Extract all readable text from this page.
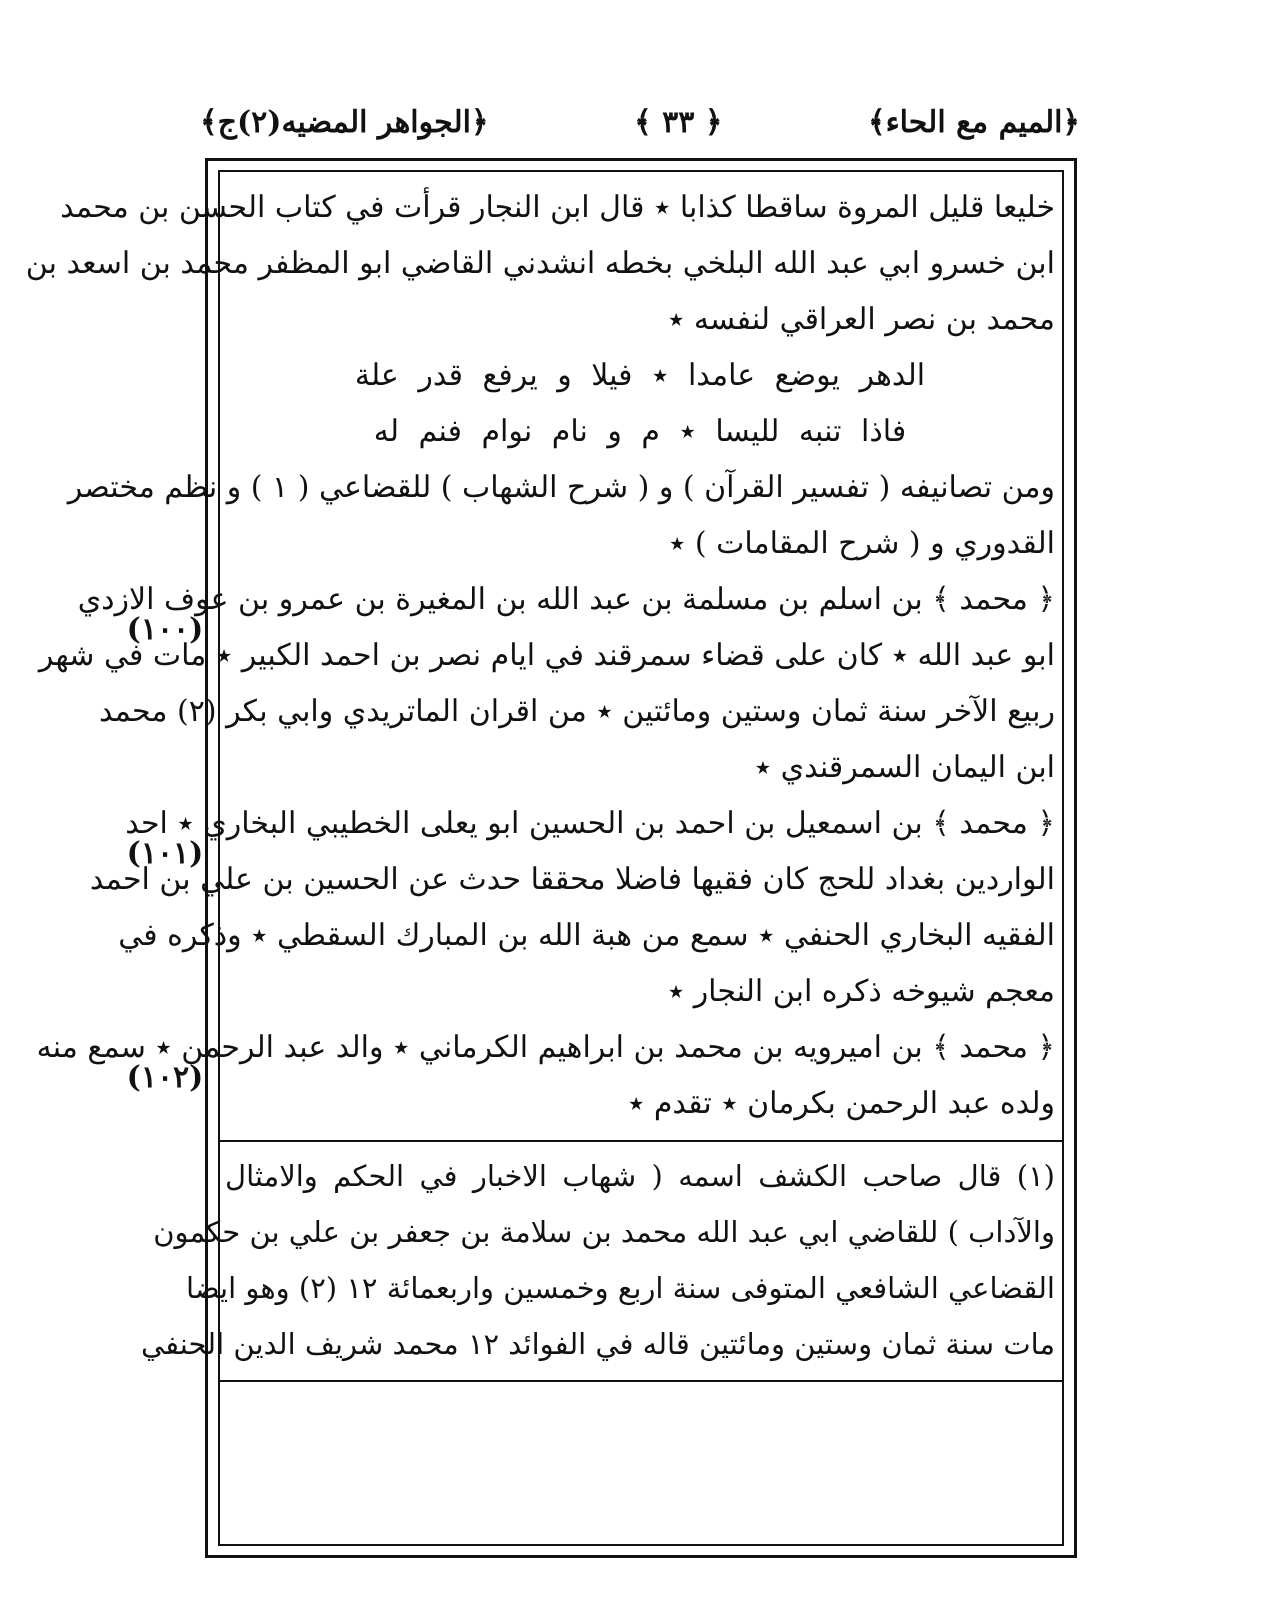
﴿الميم مع الحاء﴾
﴿ ٣٣ ﴾
﴿الجواهر المضيه(٢)ج﴾
خليعا قليل المروة ساقطا كذابا ٭ قال ابن النجار قرأت في كتاب الحسن بن محمد
ابن خسرو ابي عبد الله البلخي بخطه انشدني القاضي ابو المظفر محمد بن اسعد بن
محمد بن نصر العراقي لنفسه ٭
الدهر يوضع عامدا ٭ فيلا و يرفع قدر علة
فاذا تنبه لليسا ٭ م و نام نوام فنم له
ومن تصانيفه ( تفسير القرآن ) و ( شرح الشهاب ) للقضاعي ( ١ ) و نظم مختصر
القدوري و ( شرح المقامات ) ٭
﴿ محمد ﴾ بن اسلم بن مسلمة بن عبد الله بن المغيرة بن عمرو بن عوف الازدي
ابو عبد الله ٭ كان على قضاء سمرقند في ايام نصر بن احمد الكبير ٭ مات في شهر
ربيع الآخر سنة ثمان وستين ومائتين ٭ من اقران الماتريدي وابي بكر (٢) محمد
ابن اليمان السمرقندي ٭
﴿ محمد ﴾ بن اسمعيل بن احمد بن الحسين ابو يعلى الخطيبي البخاري ٭ احد
الواردين بغداد للحج كان فقيها فاضلا محققا حدث عن الحسين بن علي بن احمد
الفقيه البخاري الحنفي ٭ سمع من هبة الله بن المبارك السقطي ٭ وذكره في
معجم شيوخه ذكره ابن النجار ٭
﴿ محمد ﴾ بن اميرويه بن محمد بن ابراهيم الكرماني ٭ والد عبد الرحمن ٭ سمع منه
ولده عبد الرحمن بكرمان ٭ تقدم ٭
(١٠٠)
(١٠١)
(١٠٢)
(١) قال صاحب الكشف اسمه ( شهاب الاخبار في الحكم والامثال
والآداب ) للقاضي ابي عبد الله محمد بن سلامة بن جعفر بن علي بن حكمون
القضاعي الشافعي المتوفى سنة اربع وخمسين واربعمائة ١٢ (٢) وهو ايضا
مات سنة ثمان وستين ومائتين قاله في الفوائد ١٢ محمد شريف الدين الحنفي
